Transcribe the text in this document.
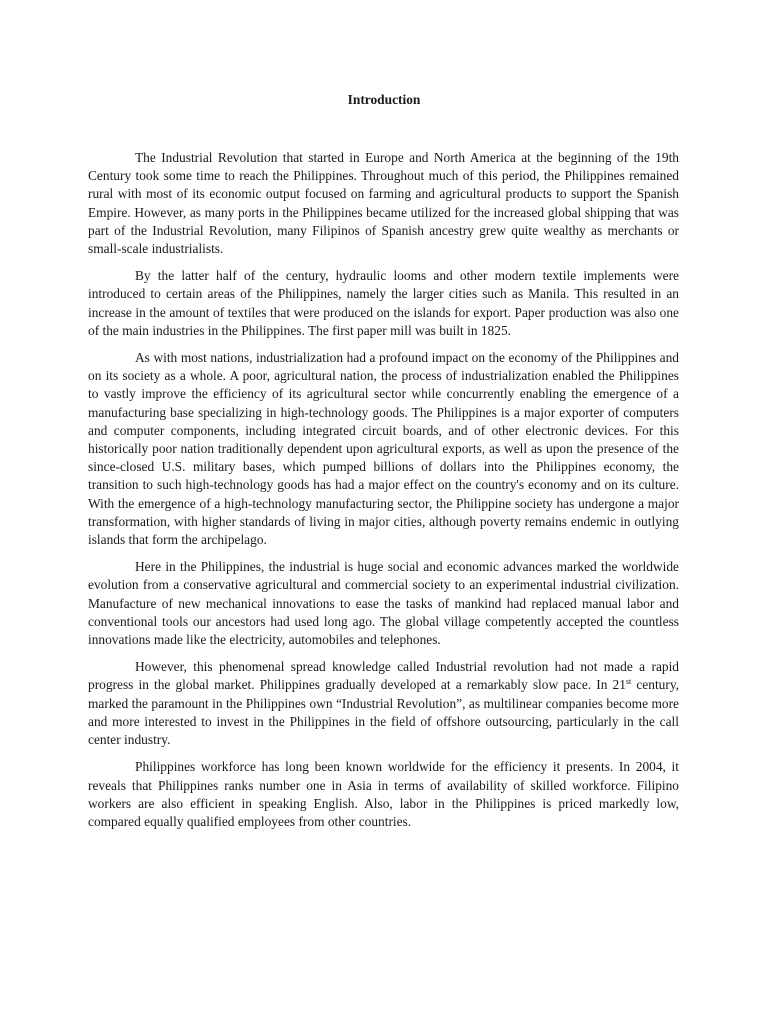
Introduction

The Industrial Revolution that started in Europe and North America at the beginning of the 19th Century took some time to reach the Philippines. Throughout much of this period, the Philippines remained rural with most of its economic output focused on farming and agricultural products to support the Spanish Empire. However, as many ports in the Philippines became utilized for the increased global shipping that was part of the Industrial Revolution, many Filipinos of Spanish ancestry grew quite wealthy as merchants or small-scale industrialists.

By the latter half of the century, hydraulic looms and other modern textile implements were introduced to certain areas of the Philippines, namely the larger cities such as Manila. This resulted in an increase in the amount of textiles that were produced on the islands for export. Paper production was also one of the main industries in the Philippines. The first paper mill was built in 1825.

As with most nations, industrialization had a profound impact on the economy of the Philippines and on its society as a whole. A poor, agricultural nation, the process of industrialization enabled the Philippines to vastly improve the efficiency of its agricultural sector while concurrently enabling the emergence of a manufacturing base specializing in high-technology goods. The Philippines is a major exporter of computers and computer components, including integrated circuit boards, and of other electronic devices. For this historically poor nation traditionally dependent upon agricultural exports, as well as upon the presence of the since-closed U.S. military bases, which pumped billions of dollars into the Philippines economy, the transition to such high-technology goods has had a major effect on the country's economy and on its culture. With the emergence of a high-technology manufacturing sector, the Philippine society has undergone a major transformation, with higher standards of living in major cities, although poverty remains endemic in outlying islands that form the archipelago.

Here in the Philippines, the industrial is huge social and economic advances marked the worldwide evolution from a conservative agricultural and commercial society to an experimental industrial civilization. Manufacture of new mechanical innovations to ease the tasks of mankind had replaced manual labor and conventional tools our ancestors had used long ago. The global village competently accepted the countless innovations made like the electricity, automobiles and telephones.

However, this phenomenal spread knowledge called Industrial revolution had not made a rapid progress in the global market. Philippines gradually developed at a remarkably slow pace. In 21st century, marked the paramount in the Philippines own “Industrial Revolution”, as multilinear companies become more and more interested to invest in the Philippines in the field of offshore outsourcing, particularly in the call center industry.

Philippines workforce has long been known worldwide for the efficiency it presents. In 2004, it reveals that Philippines ranks number one in Asia in terms of availability of skilled workforce. Filipino workers are also efficient in speaking English. Also, labor in the Philippines is priced markedly low, compared equally qualified employees from other countries.
